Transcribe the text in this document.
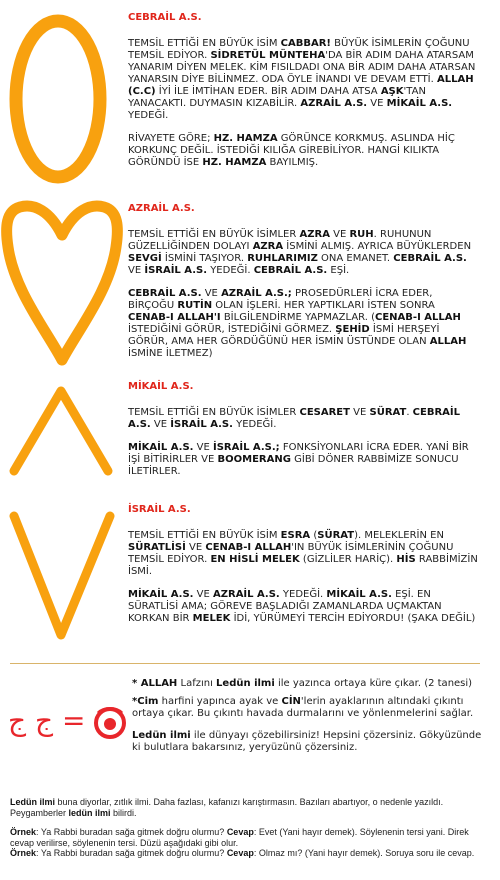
CEBRAİL A.S.

TEMSİL ETTİĞİ EN BÜYÜK İSİM CABBAR! BÜYÜK İSİMLERİN ÇOĞUNU TEMSİL EDİYOR. SİDRETÜL MÜNTEHA'DA BİR ADIM DAHA ATARSAM YANARIM DİYEN MELEK. KİM FISILDADI ONA BİR ADIM DAHA ATARSAN YANARSIN DİYE BİLİNMEZ. ODA ÖYLE İNANDI VE DEVAM ETTİ. ALLAH (C.C) İYİ İLE İMTİHAN EDER. BİR ADIM DAHA ATSA AŞK'TAN YANACAKTI. DUYMASIN KIZABİLİR. AZRAİL A.S. VE MİKAİL A.S. YEDEĞİ.

RİVAYETE GÖRE; HZ. HAMZA GÖRÜNCE KORKMUŞ. ASLINDA HİÇ KORKUNÇ DEĞİL. İSTEDİĞİ KILIĞA GİREBİLİYOR. HANGİ KILIKTA GÖRÜNDÜ İSE HZ. HAMZA BAYILMIŞ.

AZRAİL A.S.

TEMSİL ETTİĞİ EN BÜYÜK İSİMLER AZRA VE RUH. RUHUNUN GÜZELLİĞİNDEN DOLAYI AZRA İSMİNİ ALMIŞ. AYRICA BÜYÜKLERDEN SEVGİ İSMİNİ TAŞIYOR. RUHLARIMIZ ONA EMANET. CEBRAİL A.S. VE İSRAİL A.S. YEDEĞİ. CEBRAİL A.S. EŞİ.

CEBRAİL A.S. VE AZRAİL A.S.; PROSEDÜRLERİ İCRA EDER, BİRÇOĞU RUTİN OLAN İŞLERİ. HER YAPTIKLARI İSTEN SONRA CENAB-I ALLAH'I BİLGİLENDİRME YAPMAZLAR. (CENAB-I ALLAH İSTEDİĞİNİ GÖRÜR, İSTEDİĞİNİ GÖRMEZ. ŞEHİD İSMİ HERŞEYİ GÖRÜR, AMA HER GÖRDÜĞÜNÜ HER İSMİN ÜSTÜNDE OLAN ALLAH İSMİNE İLETMEZ)

MİKAİL A.S.

TEMSİL ETTİĞİ EN BÜYÜK İSİMLER CESARET VE SÜRAT. CEBRAİL A.S. VE İSRAİL A.S. YEDEĞİ.

MİKAİL A.S. VE İSRAİL A.S.; FONKSİYONLARI İCRA EDER. YANİ BİR İŞİ BİTİRİRLER VE BOOMERANG GİBİ DÖNER RABBİMİZE SONUCU İLETİRLER.

İSRAİL A.S.

TEMSİL ETTİĞİ EN BÜYÜK İSİM ESRA (SÜRAT). MELEKLERİN EN SÜRATLİSİ VE CENAB-I ALLAH'IN BÜYÜK İSİMLERİNİN ÇOĞUNU TEMSİL EDİYOR. EN HİSLİ MELEK (GİZLİLER HARİÇ). HİS RABBİMİZİN İSMİ.

MİKAİL A.S. VE AZRAİL A.S. YEDEĞİ. MİKAİL A.S. EŞİ. EN SÜRATLİSİ AMA; GÖREVE BAŞLADIĞI ZAMANLARDA UÇMAKTAN KORKAN BİR MELEK İDİ, YÜRÜMEYİ TERCİH EDİYORDU! (ŞAKA DEĞİL)

ج ج =

* ALLAH Lafzını Ledün ilmi ile yazınca ortaya küre çıkar. (2 tanesi)

*Cim harfini yapınca ayak ve CİN'lerin ayaklarının altındaki çıkıntı ortaya çıkar. Bu çıkıntı havada durmalarını ve yönlenmelerini sağlar.

Ledün ilmi ile dünyayı çözebilirsiniz! Hepsini çözersiniz. Gökyüzünde ki bulutlara bakarsınız, yeryüzünü çözersiniz.

Ledün ilmi buna diyorlar, zıtlık ilmi. Daha fazlası, kafanızı karıştırmasın. Bazıları abartıyor, o nedenle yazıldı. Peygamberler ledün ilmi bilirdi.

Örnek: Ya Rabbi buradan sağa gitmek doğru olurmu? Cevap: Evet (Yani hayır demek). Söylenenin tersi yani. Direk cevap verilirse, söylenenin tersi. Düzü aşağıdaki gibi olur.

Örnek: Ya Rabbi buradan sağa gitmek doğru olurmu? Cevap: Olmaz mı? (Yani hayır demek). Soruya soru ile cevap.
